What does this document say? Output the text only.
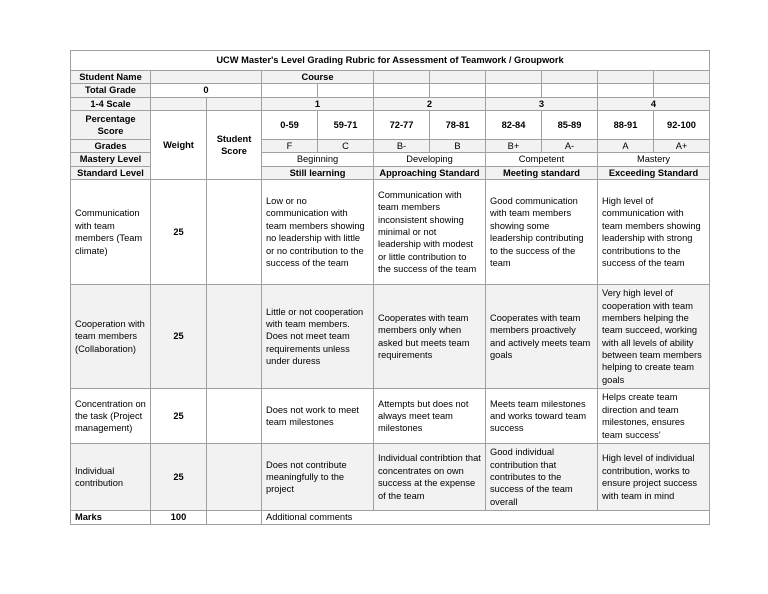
UCW Master's Level Grading Rubric for Assessment of Teamwork / Groupwork										
Student Name			Course							
Total Grade	0									
1-4 Scale			1		2		3		4	
Percentage Score	Weight	Student Score	0-59	59-71	72-77	78-81	82-84	85-89	88-91	92-100
Grades			F	C	B-	B	B+	A-	A	A+
Mastery Level			Beginning		Developing		Competent		Mastery	
Standard Level			Still learning		Approaching Standard		Meeting standard		Exceeding Standard	
Communication with team members (Team climate)	25		Low or no communication with team members showing no leadership with little or no contribution to the success of the team		Communication with team members inconsistent showing minimal or not leadership with modest or little contribution to the success of the team		Good communication with team members showing some leadership contributing to the success of the team		High level of communication with team members showing leadership with strong contributions to the success of the team	
Cooperation with team members (Collaboration)	25		Little or not cooperation with team members. Does not meet team requirements unless under duress		Cooperates with team members only when asked but meets team requirements		Cooperates with team members proactively and actively meets team goals		Very high level of cooperation with team members helping the team succeed, working with all levels of ability between team members helping to create team goals	
Concentration on the task (Project management)	25		Does not work to meet team milestones		Attempts but does not always meet team milestones		Meets team milestones and works toward team success		Helps create team direction and team milestones, ensures team success'	
Individual contribution	25		Does not contribute meaningfully to the project		Individual contribtion that concentrates on own success at the expense of the team		Good individual contribution that contributes to the success of the team overall		High level of individual contribution, works to ensure project success with team in mind	
Marks	100		Additional comments							
